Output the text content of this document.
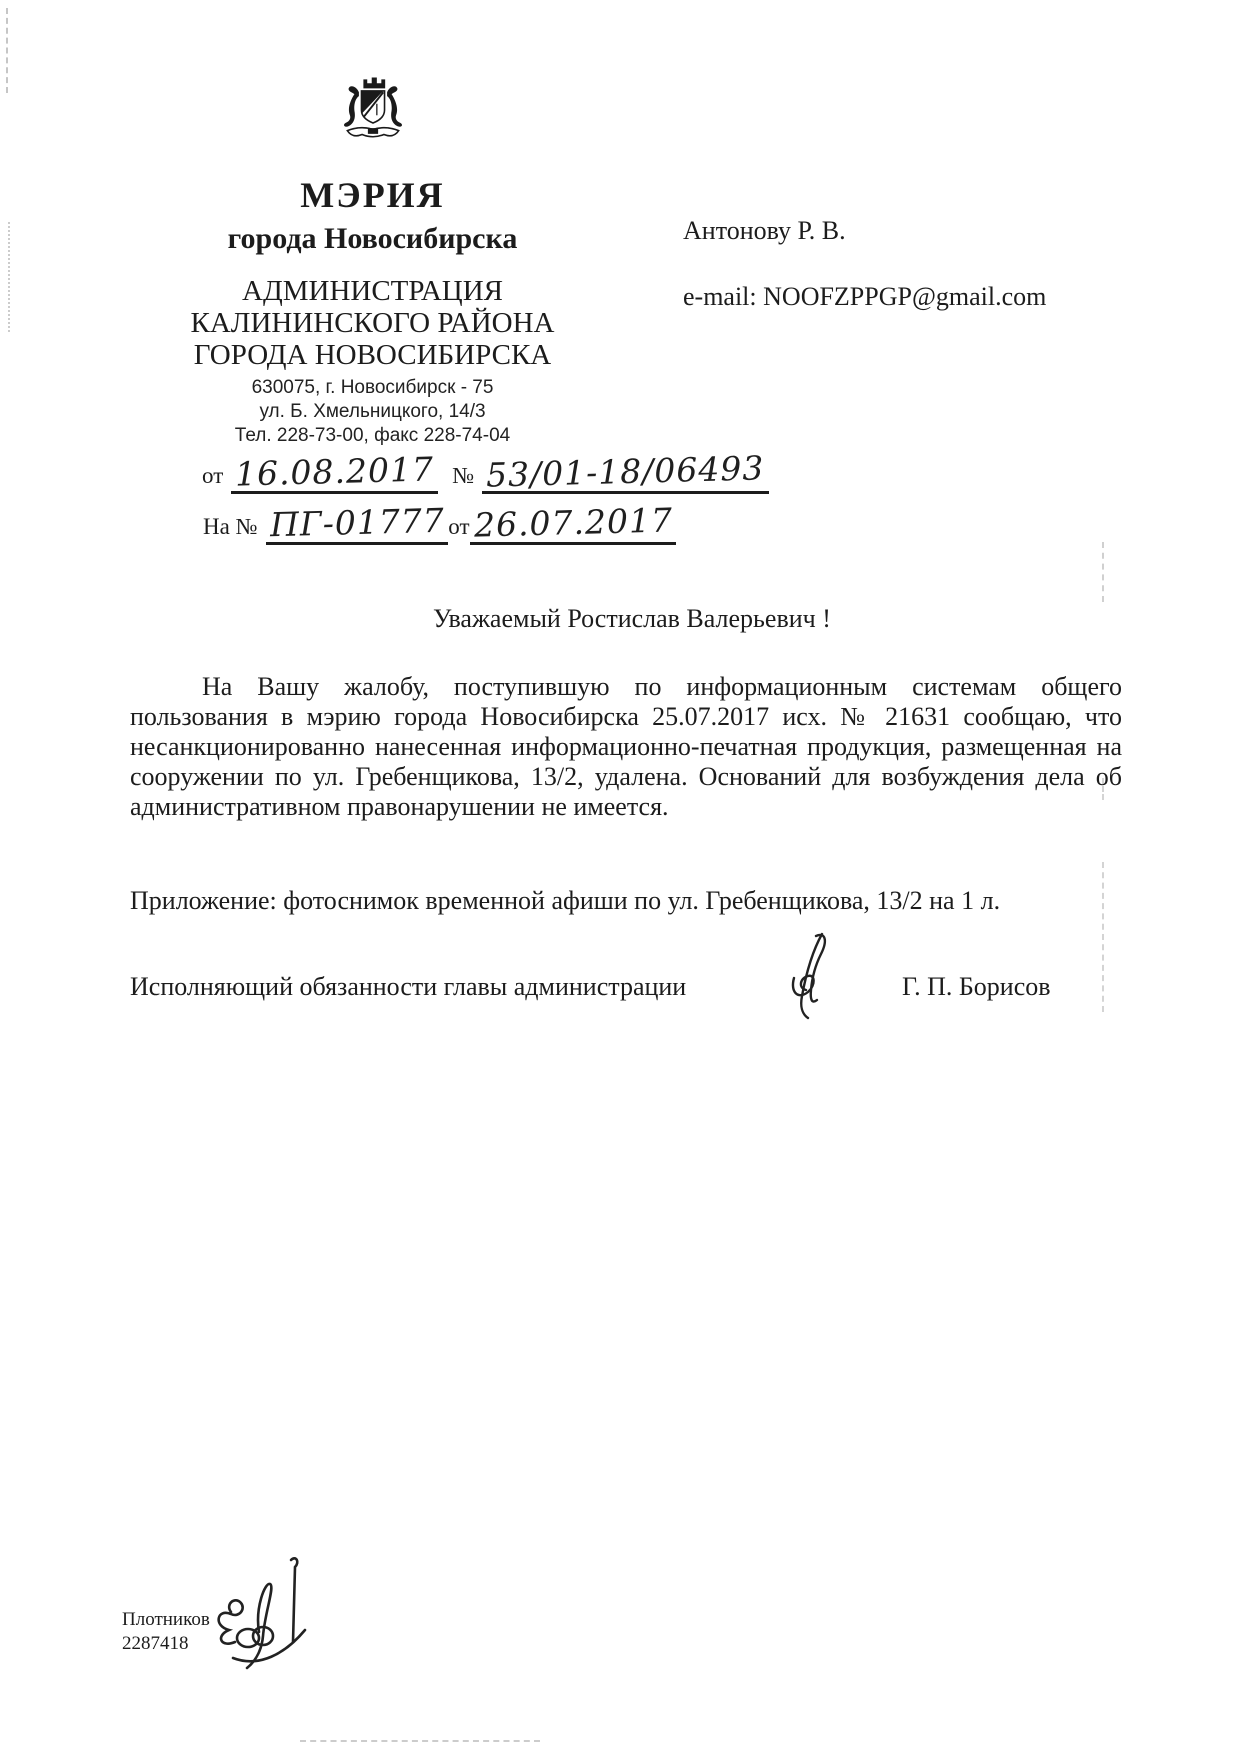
МЭРИЯ
города Новосибирска
АДМИНИСТРАЦИЯ
КАЛИНИНСКОГО РАЙОНА
ГОРОДА НОВОСИБИРСКА
630075, г. Новосибирск - 75
ул. Б. Хмельницкого, 14/3
Тел. 228-73-00, факс 228-74-04
от 16.08.2017 № 53/01-18/06493
На № ПГ-01777 от 26.07.2017
Антонову Р. В.
e-mail: NOOFZPPGP@gmail.com
Уважаемый Ростислав Валерьевич !

На Вашу жалобу, поступившую по информационным системам общего пользования в мэрию города Новосибирска 25.07.2017 исх. № 21631 сообщаю, что несанкционированно нанесенная информационно-печатная продукция, размещенная на сооружении по ул. Гребенщикова, 13/2, удалена. Оснований для возбуждения дела об административном правонарушении не имеется.

Приложение: фотоснимок временной афиши по ул. Гребенщикова, 13/2 на 1 л.

Исполняющий обязанности главы администрации	Г. П. Борисов
Плотников
2287418
